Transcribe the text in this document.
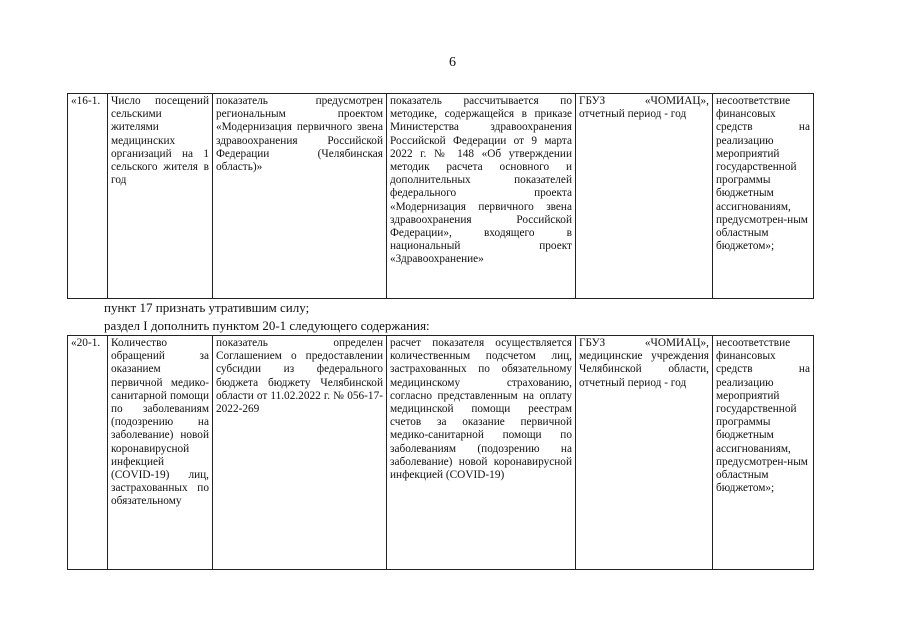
6
«16-1.	Число посещений сельскими жителями медицинских организаций на 1 сельского жителя в год	показатель предусмотрен региональным проектом «Модернизация первичного звена здравоохранения Российской Федерации (Челябинская область)»	показатель рассчитывается по методике, содержащейся в приказе Министерства здравоохранения Российской Федерации от 9 марта 2022 г. № 148 «Об утверждении методик расчета основного и дополнительных показателей федерального проекта «Модернизация первичного звена здравоохранения Российской Федерации», входящего в национальный проект «Здравоохранение»	ГБУЗ «ЧОМИАЦ», отчетный период - год	несоответствие финансовых средств на реализацию мероприятий государственной программы бюджетным ассигнованиям, предусмотрен-ным областным бюджетом»;
пункт 17 признать утратившим силу;
раздел I дополнить пунктом 20-1 следующего содержания:
«20-1.	Количество обращений за оказанием первичной медико-санитарной помощи по заболеваниям (подозрению на заболевание) новой коронавирусной инфекцией (COVID-19) лиц, застрахованных по обязательному	показатель определен Соглашением о предоставлении субсидии из федерального бюджета бюджету Челябинской области от 11.02.2022 г. № 056-17-2022-269	расчет показателя осуществляется количественным подсчетом лиц, застрахованных по обязательному медицинскому страхованию, согласно представленным на оплату медицинской помощи реестрам счетов за оказание первичной медико-санитарной помощи по заболеваниям (подозрению на заболевание) новой коронавирусной инфекцией (COVID-19)	ГБУЗ «ЧОМИАЦ», медицинские учреждения Челябинской области, отчетный период - год	несоответствие финансовых средств на реализацию мероприятий государственной программы бюджетным ассигнованиям, предусмотрен-ным областным бюджетом»;
